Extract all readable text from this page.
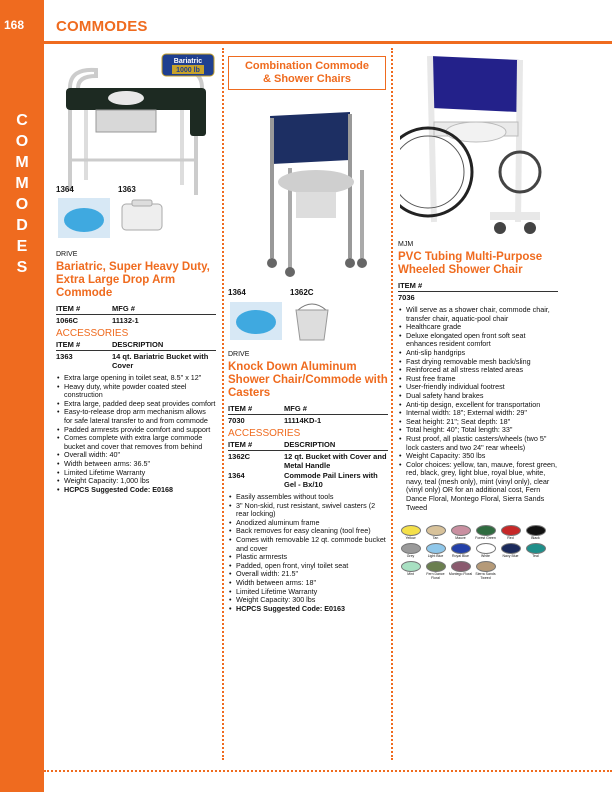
168
C
O
M
M
O
D
E
S
COMMODES
Bariatric
1000 lb
1364	1363

DRIVE

Bariatric, Super Heavy Duty, Extra Large Drop Arm Commode
ITEM #	MFG #
1066C	11132-1
ACCESSORIES
ITEM #	DESCRIPTION
1363	14 qt. Bariatric Bucket with Cover
• Extra large opening in toilet seat, 8.5" x 12"
• Heavy duty, white powder coated steel construction
• Extra large, padded deep seat provides comfort
• Easy-to-release drop arm mechanism allows for safe lateral transfer to and from commode
• Padded armrests provide comfort and support
• Comes complete with extra large commode bucket and cover that removes from behind
• Overall width: 40"
• Width between arms: 36.5"
• Limited Lifetime Warranty
• Weight Capacity: 1,000 lbs
• HCPCS Suggested Code: E0168
Combination Commode
& Shower Chairs
1364	1362C

DRIVE

Knock Down Aluminum Shower Chair/Commode with Casters
ITEM #	MFG #
7030	11114KD-1
ACCESSORIES
ITEM #	DESCRIPTION
1362C	12 qt. Bucket with Cover and Metal Handle
1364	Commode Pail Liners with Gel - Bx/10
• Easily assembles without tools
• 3" Non-skid, rust resistant, swivel casters (2 rear locking)
• Anodized aluminum frame
• Back removes for easy cleaning (tool free)
• Comes with removable 12 qt. commode bucket and cover
• Plastic armrests
• Padded, open front, vinyl toilet seat
• Overall width: 21.5"
• Width between arms: 18"
• Limited Lifetime Warranty
• Weight Capacity: 300 lbs
• HCPCS Suggested Code: E0163

MJM

PVC Tubing Multi-Purpose Wheeled Shower Chair
ITEM #
7036
• Will serve as a shower chair, commode chair, transfer chair, aquatic-pool chair
• Healthcare grade
• Deluxe elongated open front soft seat enhances resident comfort
• Anti-slip handgrips
• Fast drying removable mesh back/sling
• Reinforced at all stress related areas
• Rust free frame
• User-friendly individual footrest
• Dual safety hand brakes
• Anti-tip design, excellent for transportation
• Internal width: 18"; External width: 29"
• Seat height: 21"; Seat depth: 18"
• Total height: 40"; Total length: 33"
• Rust proof, all plastic casters/wheels (two 5" lock casters and two 24" rear wheels)
• Weight Capacity: 350 lbs
• Color choices: yellow, tan, mauve, forest green, red, black, grey, light blue, royal blue, white, navy, teal (mesh only), mint (vinyl only), clear (vinyl only) OR for an additional cost, Fern Dance Floral, Montego Floral, Sierra Sands Tweed
Yellow	Tan	Mauve	Forest Green	Red	Black
Grey	Light Blue	Royal Blue	White	Navy Blue	Teal
Mint	Fern Dance Floral
Montego Floral Sierra Sands Tweed
